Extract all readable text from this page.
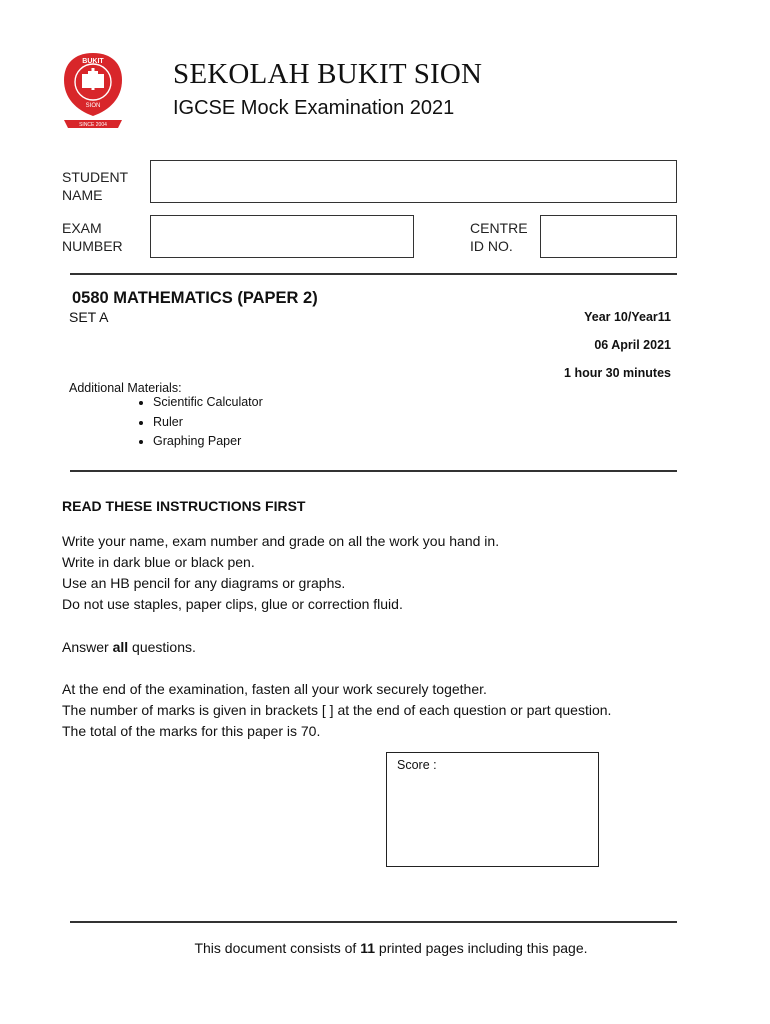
BUKIT
SION
SINCE 2004
SEKOLAH BUKIT SION
IGCSE Mock Examination 2021
STUDENT
NAME
EXAM
NUMBER
CENTRE
ID NO.
0580 MATHEMATICS (PAPER 2)
SET A	Year 10/Year11
06 April 2021
1 hour 30 minutes
Additional Materials:
• Scientific Calculator
• Ruler
• Graphing Paper
READ THESE INSTRUCTIONS FIRST

Write your name, exam number and grade on all the work you hand in.

Write in dark blue or black pen.

Use an HB pencil for any diagrams or graphs.

Do not use staples, paper clips, glue or correction fluid.

Answer all questions.

At the end of the examination, fasten all your work securely together.

The number of marks is given in brackets [ ] at the end of each question or part question.

The total of the marks for this paper is 70.

Score :
This document consists of 11 printed pages including this page.
